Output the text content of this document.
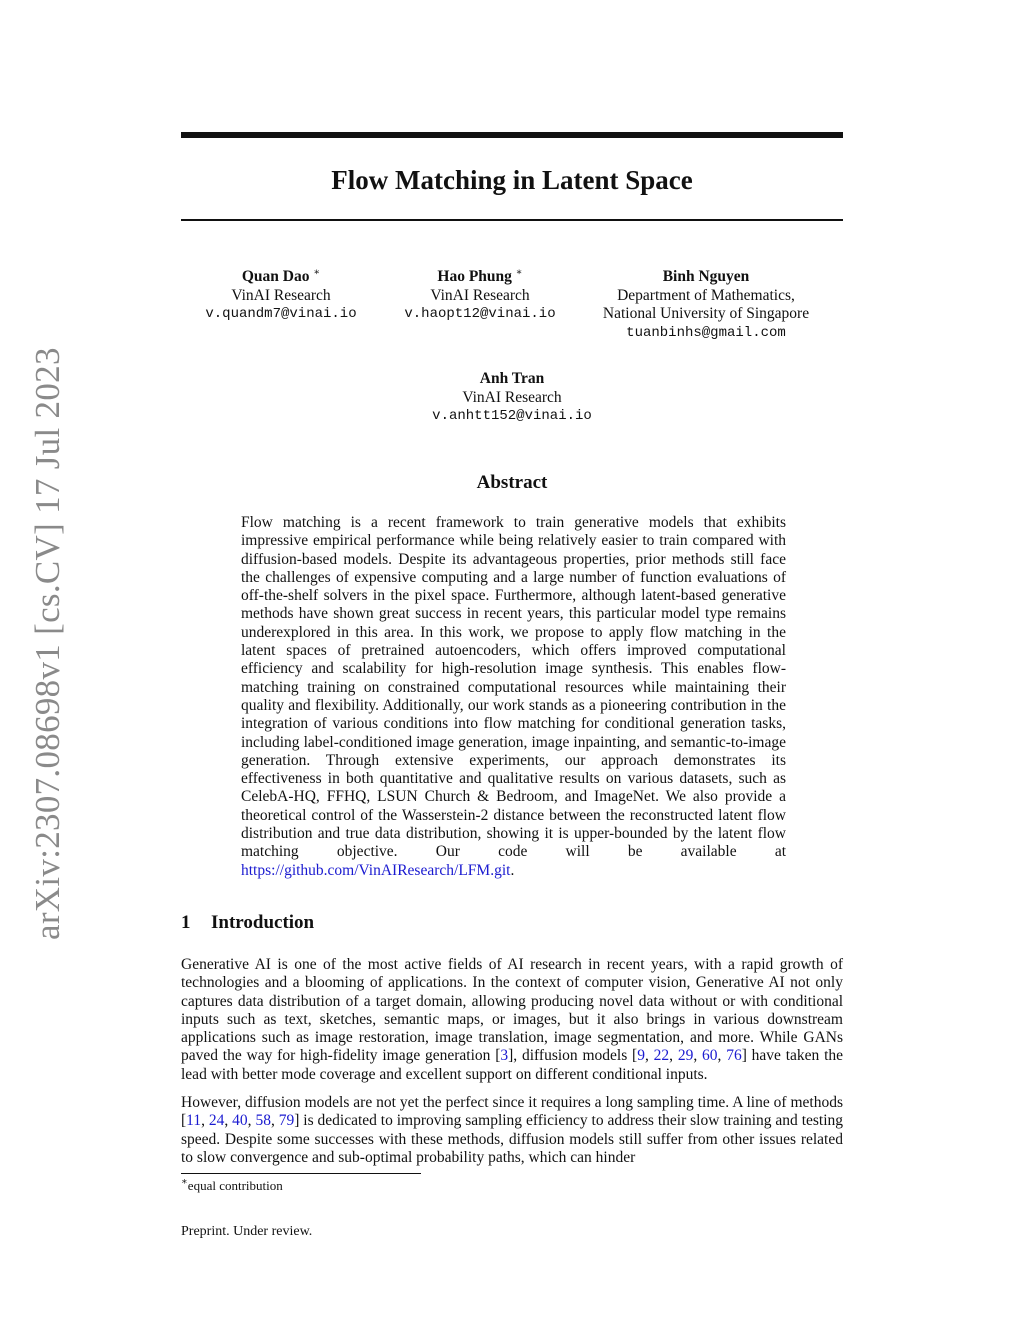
arXiv:2307.08698v1 [cs.CV] 17 Jul 2023
Flow Matching in Latent Space
Quan Dao ∗
VinAI Research
v.quandm7@vinai.io
Hao Phung ∗
VinAI Research
v.haopt12@vinai.io
Binh Nguyen
Department of Mathematics,
National University of Singapore
tuanbinhs@gmail.com
Anh Tran
VinAI Research
v.anhtt152@vinai.io
Abstract

Flow matching is a recent framework to train generative models that exhibits impressive empirical performance while being relatively easier to train compared with diffusion-based models. Despite its advantageous properties, prior methods still face the challenges of expensive computing and a large number of function evaluations of off-the-shelf solvers in the pixel space. Furthermore, although latent-based generative methods have shown great success in recent years, this particular model type remains underexplored in this area. In this work, we propose to apply flow matching in the latent spaces of pretrained autoencoders, which offers improved computational efficiency and scalability for high-resolution image synthesis. This enables flow-matching training on constrained computational resources while maintaining their quality and flexibility. Additionally, our work stands as a pioneering contribution in the integration of various conditions into flow matching for conditional generation tasks, including label-conditioned image generation, image inpainting, and semantic-to-image generation. Through extensive experiments, our approach demonstrates its effectiveness in both quantitative and qualitative results on various datasets, such as CelebA-HQ, FFHQ, LSUN Church & Bedroom, and ImageNet. We also provide a theoretical control of the Wasserstein-2 distance between the reconstructed latent flow distribution and true data distribution, showing it is upper-bounded by the latent flow matching objective. Our code will be available at https://github.com/VinAIResearch/LFM.git.

1 Introduction

Generative AI is one of the most active fields of AI research in recent years, with a rapid growth of technologies and a blooming of applications. In the context of computer vision, Generative AI not only captures data distribution of a target domain, allowing producing novel data without or with conditional inputs such as text, sketches, semantic maps, or images, but it also brings in various downstream applications such as image restoration, image translation, image segmentation, and more. While GANs paved the way for high-fidelity image generation [3], diffusion models [9, 22, 29, 60, 76] have taken the lead with better mode coverage and excellent support on different conditional inputs.

However, diffusion models are not yet the perfect since it requires a long sampling time. A line of methods [11, 24, 40, 58, 79] is dedicated to improving sampling efficiency to address their slow training and testing speed. Despite some successes with these methods, diffusion models still suffer from other issues related to slow convergence and sub-optimal probability paths, which can hinder

∗equal contribution
Preprint. Under review.
